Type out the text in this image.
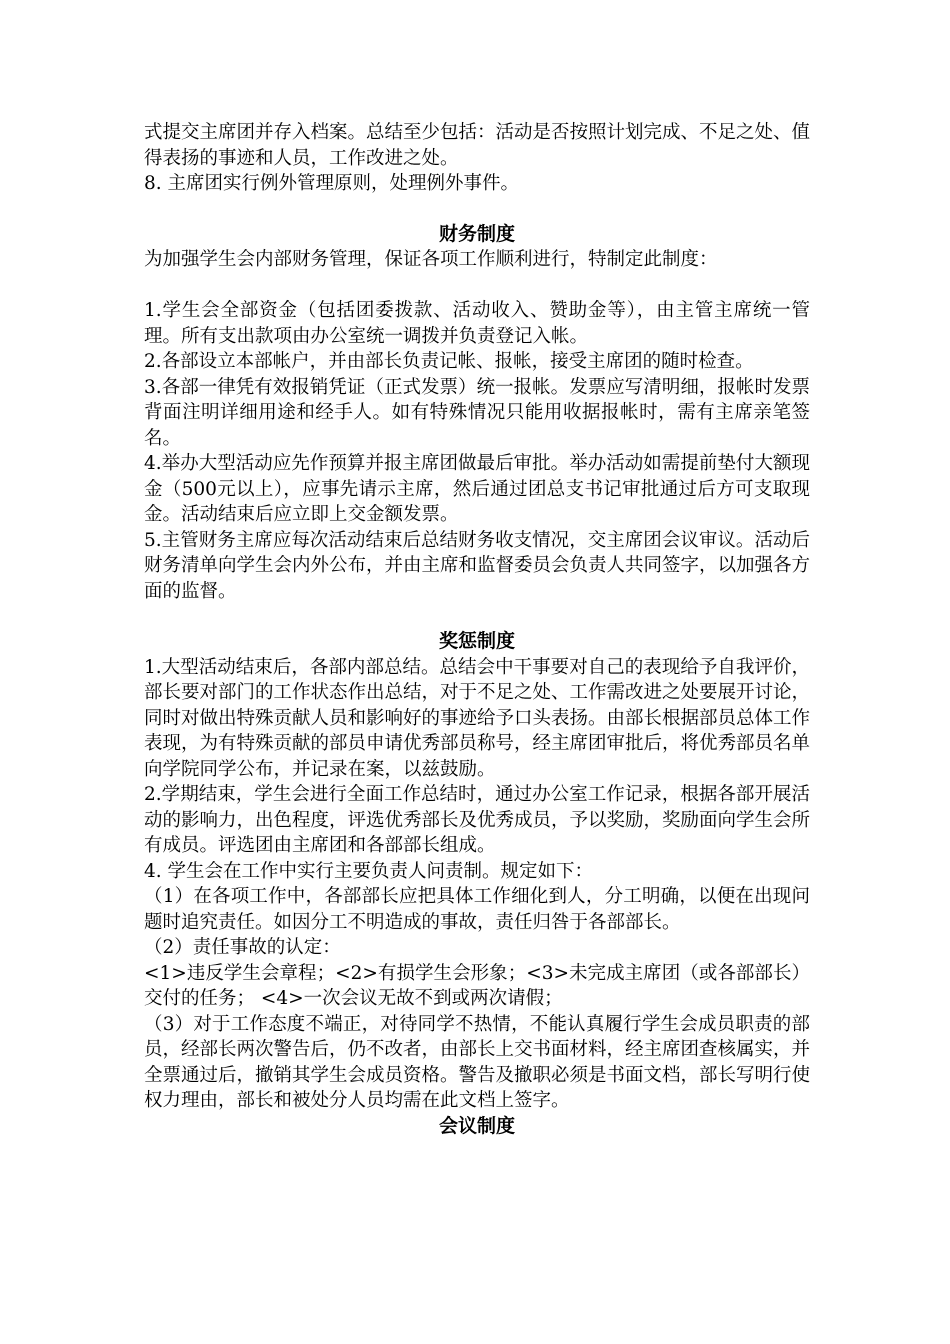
式提交主席团并存入档案。总结至少包括：活动是否按照计划完成、不足之处、值得表扬的事迹和人员，工作改进之处。

8. 主席团实行例外管理原则，处理例外事件。

财务制度

为加强学生会内部财务管理，保证各项工作顺利进行，特制定此制度：

1.学生会全部资金（包括团委拨款、活动收入、赞助金等），由主管主席统一管理。所有支出款项由办公室统一调拨并负责登记入帐。

2.各部设立本部帐户，并由部长负责记帐、报帐，接受主席团的随时检查。

3.各部一律凭有效报销凭证（正式发票）统一报帐。发票应写清明细，报帐时发票背面注明详细用途和经手人。如有特殊情况只能用收据报帐时，需有主席亲笔签名。

4.举办大型活动应先作预算并报主席团做最后审批。举办活动如需提前垫付大额现金（500元以上），应事先请示主席，然后通过团总支书记审批通过后方可支取现金。活动结束后应立即上交金额发票。

5.主管财务主席应每次活动结束后总结财务收支情况，交主席团会议审议。活动后财务清单向学生会内外公布，并由主席和监督委员会负责人共同签字，以加强各方面的监督。

奖惩制度

1.大型活动结束后，各部内部总结。总结会中干事要对自己的表现给予自我评价，部长要对部门的工作状态作出总结，对于不足之处、工作需改进之处要展开讨论，同时对做出特殊贡献人员和影响好的事迹给予口头表扬。由部长根据部员总体工作表现，为有特殊贡献的部员申请优秀部员称号，经主席团审批后，将优秀部员名单向学院同学公布，并记录在案，以兹鼓励。

2.学期结束，学生会进行全面工作总结时，通过办公室工作记录，根据各部开展活动的影响力，出色程度，评选优秀部长及优秀成员，予以奖励，奖励面向学生会所有成员。评选团由主席团和各部部长组成。

4. 学生会在工作中实行主要负责人问责制。规定如下：

（1）在各项工作中，各部部长应把具体工作细化到人，分工明确，以便在出现问题时追究责任。如因分工不明造成的事故，责任归咎于各部部长。

（2）责任事故的认定：

<1>违反学生会章程；<2>有损学生会形象；<3>未完成主席团（或各部部长）交付的任务； <4>一次会议无故不到或两次请假；

（3）对于工作态度不端正，对待同学不热情，不能认真履行学生会成员职责的部员，经部长两次警告后，仍不改者，由部长上交书面材料，经主席团查核属实，并全票通过后，撤销其学生会成员资格。警告及撤职必须是书面文档，部长写明行使权力理由，部长和被处分人员均需在此文档上签字。

会议制度
